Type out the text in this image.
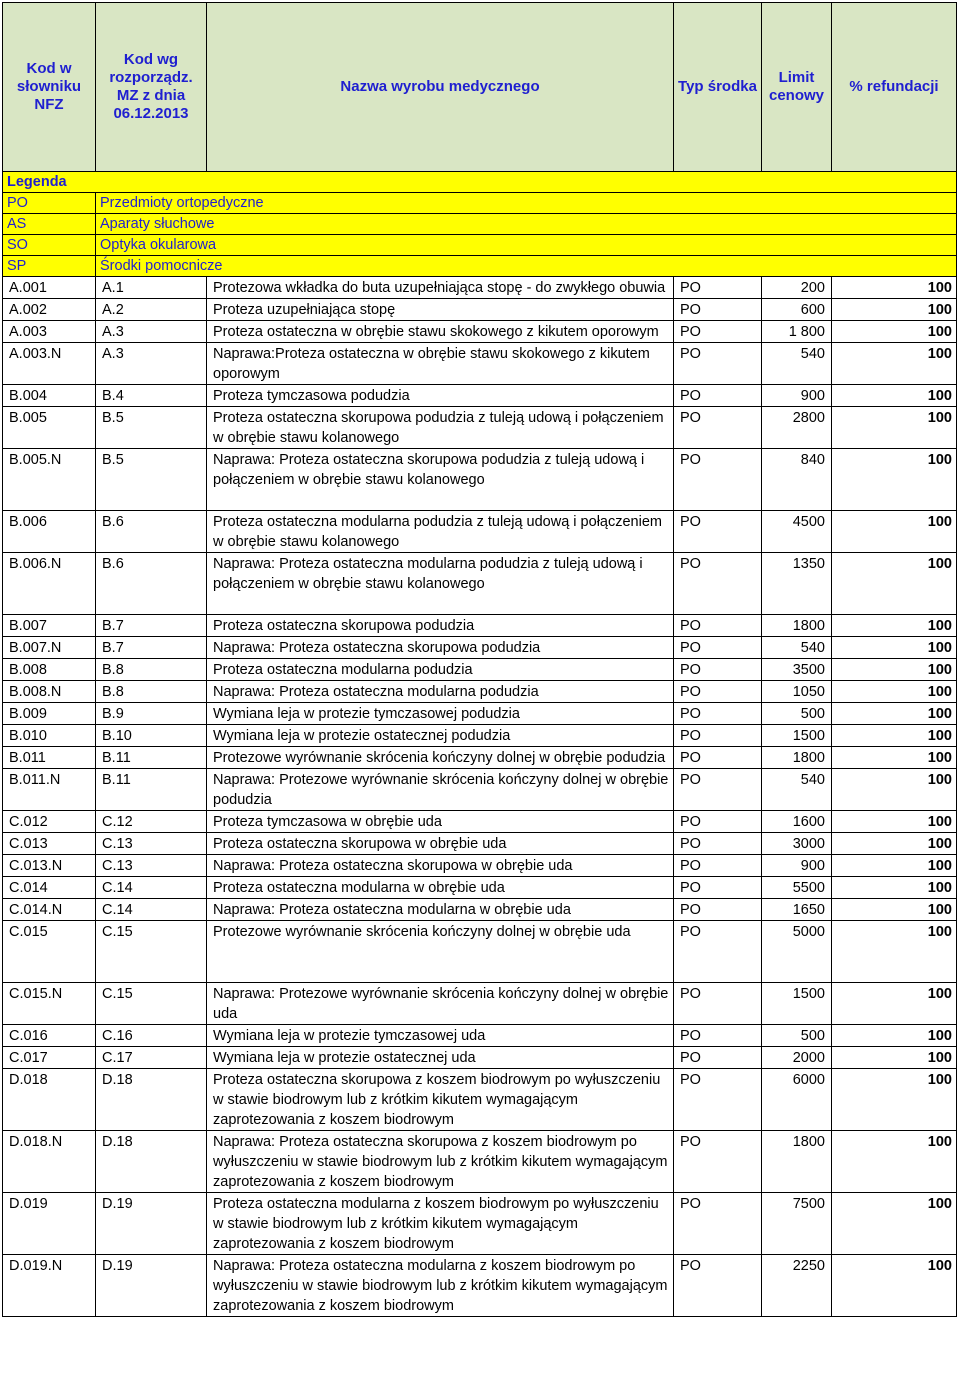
Kod w słowniku NFZ	Kod wg rozporządz. MZ z dnia 06.12.2013	Nazwa wyrobu medycznego	Typ środka	Limit cenowy	% refundacji
Legenda					
PO	Przedmioty ortopedyczne				
AS	Aparaty słuchowe				
SO	Optyka okularowa				
SP	Środki pomocnicze				
A.001	A.1	Protezowa wkładka do buta uzupełniająca stopę - do zwykłego obuwia	PO	200	100
A.002	A.2	Proteza uzupełniająca stopę	PO	600	100
A.003	A.3	Proteza ostateczna w obrębie stawu skokowego z kikutem oporowym	PO	1 800	100
A.003.N	A.3	Naprawa:Proteza ostateczna w obrębie stawu skokowego z kikutem oporowym	PO	540	100
B.004	B.4	Proteza tymczasowa podudzia	PO	900	100
B.005	B.5	Proteza ostateczna skorupowa podudzia z tuleją udową i połączeniem w obrębie stawu kolanowego	PO	2800	100
B.005.N	B.5	Naprawa: Proteza ostateczna skorupowa podudzia z tuleją udową i połączeniem w obrębie stawu kolanowego	PO	840	100
B.006	B.6	Proteza ostateczna modularna podudzia z tuleją udową i połączeniem w obrębie stawu kolanowego	PO	4500	100
B.006.N	B.6	Naprawa: Proteza ostateczna modularna podudzia z tuleją udową i połączeniem w obrębie stawu kolanowego	PO	1350	100
B.007	B.7	Proteza ostateczna skorupowa podudzia	PO	1800	100
B.007.N	B.7	Naprawa: Proteza ostateczna skorupowa podudzia	PO	540	100
B.008	B.8	Proteza ostateczna modularna podudzia	PO	3500	100
B.008.N	B.8	Naprawa: Proteza ostateczna modularna podudzia	PO	1050	100
B.009	B.9	Wymiana leja w protezie tymczasowej podudzia	PO	500	100
B.010	B.10	Wymiana leja w protezie ostatecznej podudzia	PO	1500	100
B.011	B.11	Protezowe wyrównanie skrócenia kończyny dolnej w obrębie podudzia	PO	1800	100
B.011.N	B.11	Naprawa: Protezowe wyrównanie skrócenia kończyny dolnej w obrębie podudzia	PO	540	100
C.012	C.12	Proteza tymczasowa w obrębie uda	PO	1600	100
C.013	C.13	Proteza ostateczna skorupowa w obrębie uda	PO	3000	100
C.013.N	C.13	Naprawa: Proteza ostateczna skorupowa w obrębie uda	PO	900	100
C.014	C.14	Proteza ostateczna modularna w obrębie uda	PO	5500	100
C.014.N	C.14	Naprawa: Proteza ostateczna modularna w obrębie uda	PO	1650	100
C.015	C.15	Protezowe wyrównanie skrócenia kończyny dolnej w obrębie uda	PO	5000	100
C.015.N	C.15	Naprawa: Protezowe wyrównanie skrócenia kończyny dolnej w obrębie uda	PO	1500	100
C.016	C.16	Wymiana leja w protezie tymczasowej uda	PO	500	100
C.017	C.17	Wymiana leja w protezie ostatecznej uda	PO	2000	100
D.018	D.18	Proteza ostateczna skorupowa z koszem biodrowym po wyłuszczeniu w stawie biodrowym lub z krótkim kikutem wymagającym zaprotezowania z koszem biodrowym	PO	6000	100
D.018.N	D.18	Naprawa: Proteza ostateczna skorupowa z koszem biodrowym po wyłuszczeniu w stawie biodrowym lub z krótkim kikutem wymagającym zaprotezowania z koszem biodrowym	PO	1800	100
D.019	D.19	Proteza ostateczna modularna z koszem biodrowym po wyłuszczeniu w stawie biodrowym lub z krótkim kikutem wymagającym zaprotezowania z koszem biodrowym	PO	7500	100
D.019.N	D.19	Naprawa: Proteza ostateczna modularna z koszem biodrowym po wyłuszczeniu w stawie biodrowym lub z krótkim kikutem wymagającym zaprotezowania z koszem biodrowym	PO	2250	100
